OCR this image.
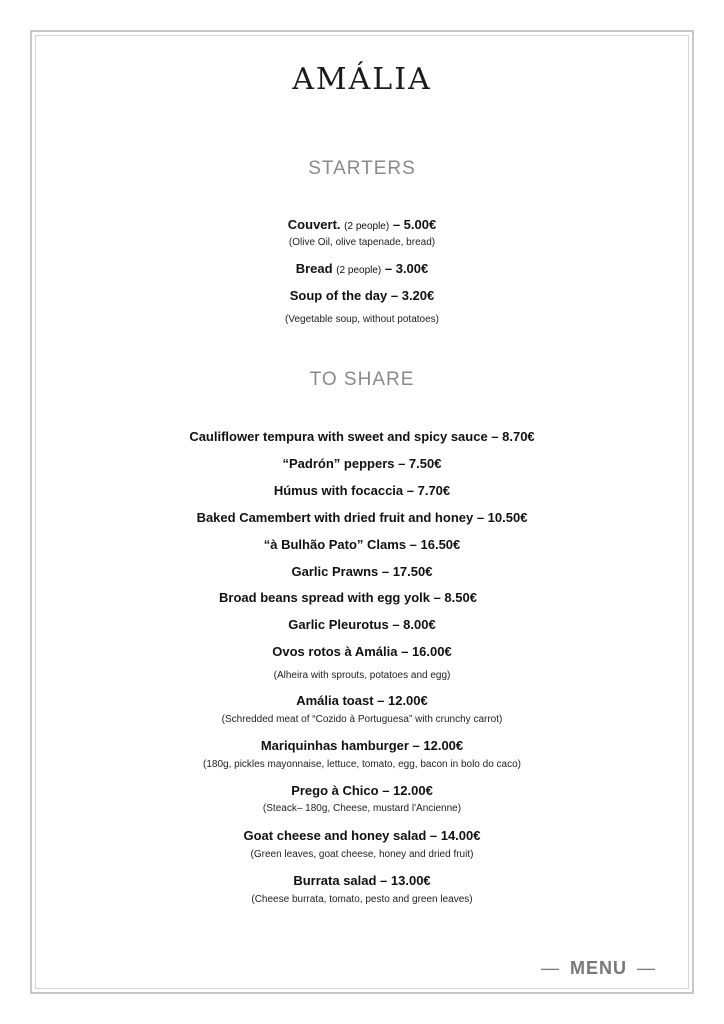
AMÁLIA
STARTERS
Couvert. (2 people) – 5.00€
(Olive Oil, olive tapenade, bread)
Bread (2 people) – 3.00€
Soup of the day – 3.20€
(Vegetable soup, without potatoes)
TO SHARE
Cauliflower tempura with sweet and spicy sauce – 8.70€
“Padrón” peppers – 7.50€
Húmus with focaccia – 7.70€
Baked Camembert with dried fruit and honey – 10.50€
“à Bulhão Pato” Clams – 16.50€
Garlic Prawns – 17.50€
Broad beans spread with egg yolk – 8.50€
Garlic Pleurotus – 8.00€
Ovos rotos à Amália – 16.00€
(Alheira with sprouts, potatoes and egg)
Amália toast – 12.00€
(Schredded meat of “Cozido à Portuguesa” with crunchy carrot)
Mariquinhas hamburger – 12.00€
(180g, pickles mayonnaise, lettuce, tomato, egg, bacon in bolo do caco)
Prego à Chico – 12.00€
(Steack– 180g, Cheese, mustard l'Ancienne)
Goat cheese and honey salad – 14.00€
(Green leaves, goat cheese, honey and dried fruit)
Burrata salad – 13.00€
(Cheese burrata, tomato, pesto and green leaves)
— MENU —
